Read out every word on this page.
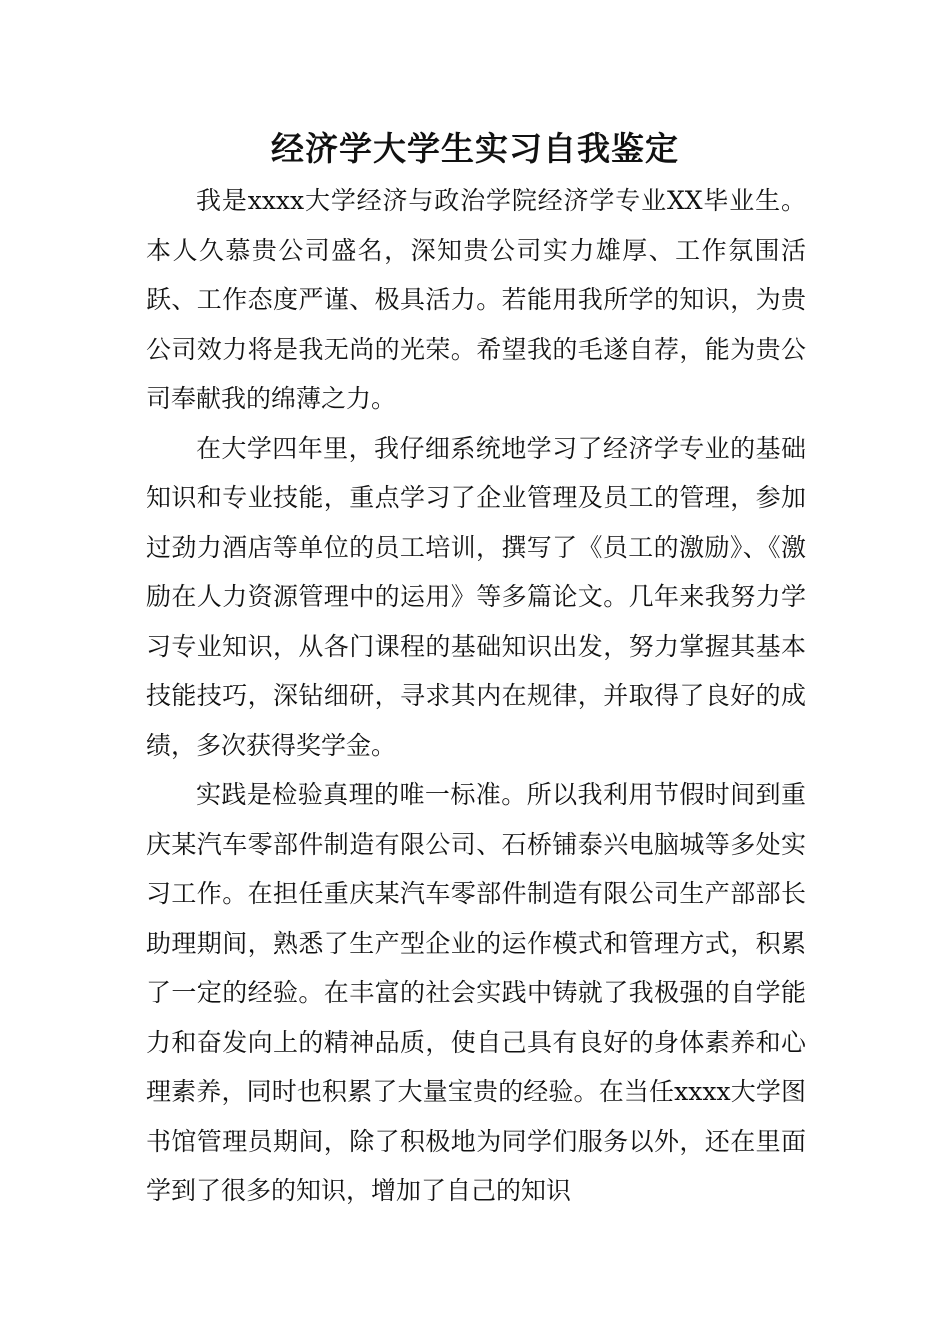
经济学大学生实习自我鉴定

我是xxxx大学经济与政治学院经济学专业XX毕业生。本人久慕贵公司盛名，深知贵公司实力雄厚、工作氛围活跃、工作态度严谨、极具活力。若能用我所学的知识，为贵公司效力将是我无尚的光荣。希望我的毛遂自荐，能为贵公司奉献我的绵薄之力。

在大学四年里，我仔细系统地学习了经济学专业的基础知识和专业技能，重点学习了企业管理及员工的管理，参加过劲力酒店等单位的员工培训，撰写了《员工的激励》、《激励在人力资源管理中的运用》等多篇论文。几年来我努力学习专业知识，从各门课程的基础知识出发，努力掌握其基本技能技巧，深钻细研，寻求其内在规律，并取得了良好的成绩，多次获得奖学金。

实践是检验真理的唯一标准。所以我利用节假时间到重庆某汽车零部件制造有限公司、石桥铺泰兴电脑城等多处实习工作。在担任重庆某汽车零部件制造有限公司生产部部长助理期间，熟悉了生产型企业的运作模式和管理方式，积累了一定的经验。在丰富的社会实践中铸就了我极强的自学能力和奋发向上的精神品质，使自己具有良好的身体素养和心理素养，同时也积累了大量宝贵的经验。在当任xxxx大学图书馆管理员期间，除了积极地为同学们服务以外，还在里面学到了很多的知识，增加了自己的知识
